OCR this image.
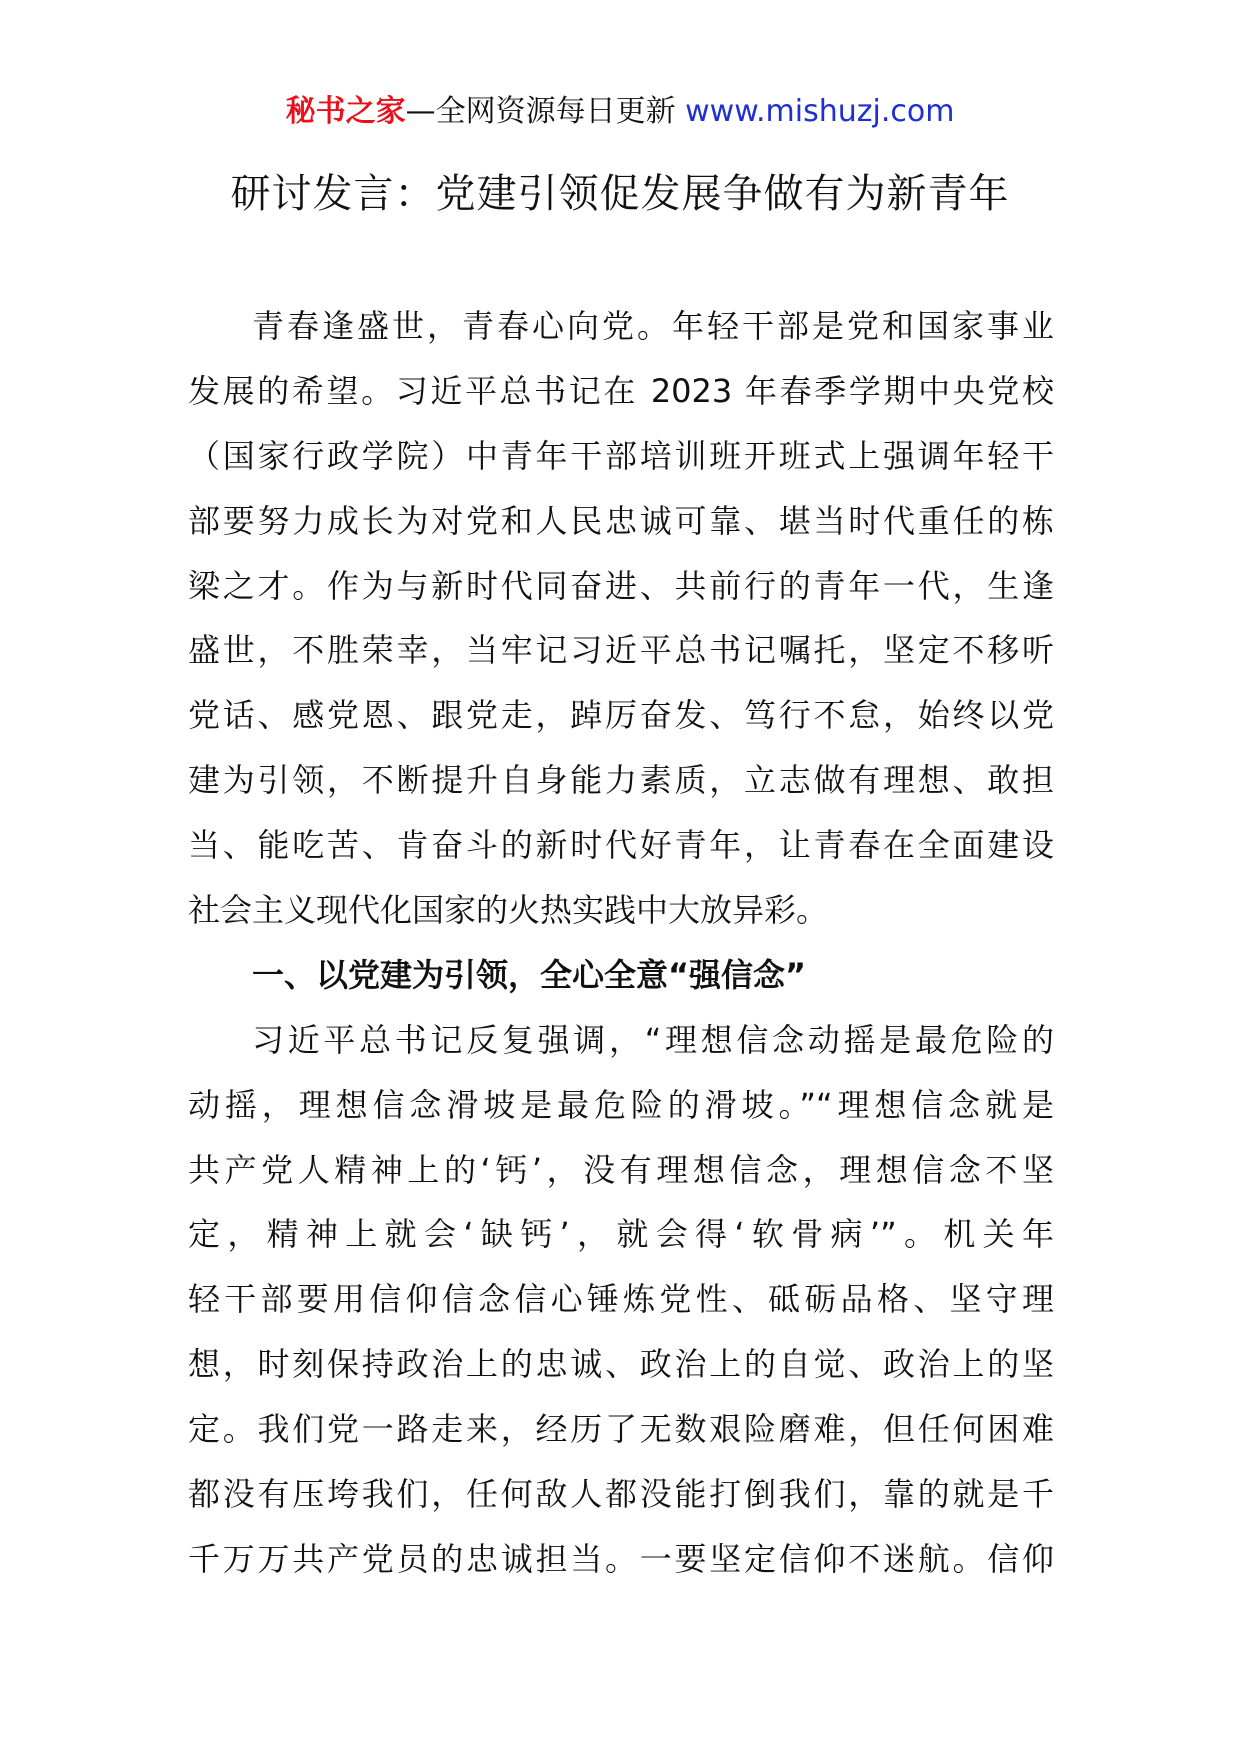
秘书之家—全网资源每日更新 www.mishuzj.com
研讨发言：党建引领促发展争做有为新青年
青春逢盛世，青春心向党。年轻干部是党和国家事业
发展的希望。习近平总书记在 2023 年春季学期中央党校
（国家行政学院）中青年干部培训班开班式上强调年轻干
部要努力成长为对党和人民忠诚可靠、堪当时代重任的栋
梁之才。作为与新时代同奋进、共前行的青年一代，生逢
盛世，不胜荣幸，当牢记习近平总书记嘱托，坚定不移听
党话、感党恩、跟党走，踔厉奋发、笃行不怠，始终以党
建为引领，不断提升自身能力素质，立志做有理想、敢担
当、能吃苦、肯奋斗的新时代好青年，让青春在全面建设
社会主义现代化国家的火热实践中大放异彩。
一、以党建为引领，全心全意“强信念”
习近平总书记反复强调，“理想信念动摇是最危险的
动摇，理想信念滑坡是最危险的滑坡。”“理想信念就是
共产党人精神上的‘钙’，没有理想信念，理想信念不坚
定，精神上就会‘缺钙’，就会得‘软骨病’”。机关年
轻干部要用信仰信念信心锤炼党性、砥砺品格、坚守理
想，时刻保持政治上的忠诚、政治上的自觉、政治上的坚
定。我们党一路走来，经历了无数艰险磨难，但任何困难
都没有压垮我们，任何敌人都没能打倒我们，靠的就是千
千万万共产党员的忠诚担当。一要坚定信仰不迷航。信仰
